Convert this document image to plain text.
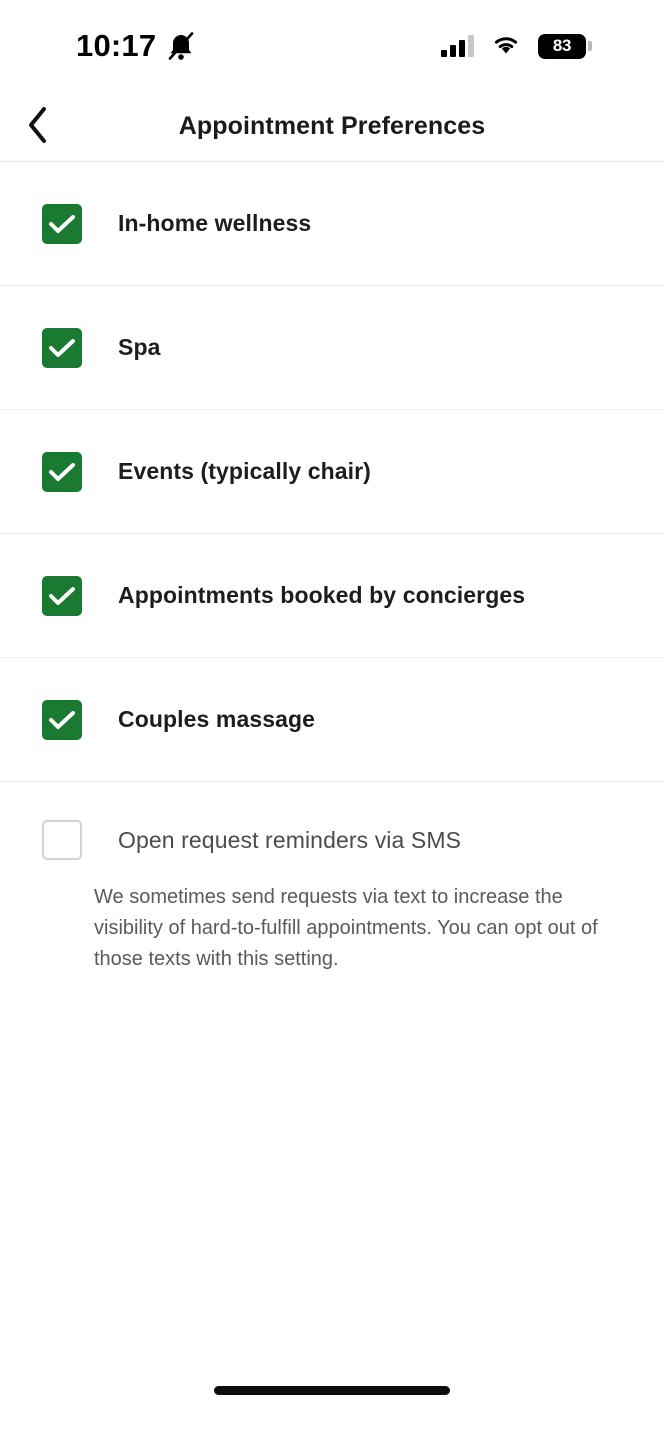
10:17	83
Appointment Preferences
In-home wellness
Spa
Events (typically chair)
Appointments booked by concierges
Couples massage
Open request reminders via SMS
We sometimes send requests via text to increase the visibility of hard-to-fulfill appointments. You can opt out of those texts with this setting.
